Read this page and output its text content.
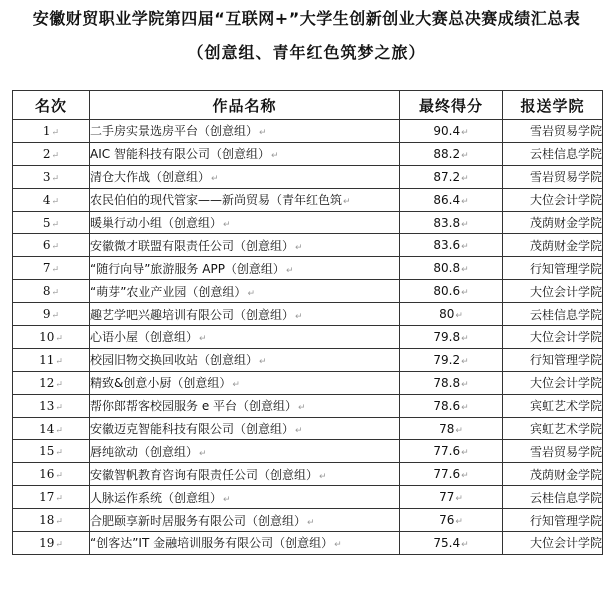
安徽财贸职业学院第四届“互联网+”大学生创新创业大赛总决赛成绩汇总表
（创意组、青年红色筑梦之旅）
名次	作品名称	最终得分	报送学院
1↵	二手房实景选房平台（创意组）↵	90.4↵	雪岩贸易学院
2↵	AIC 智能科技有限公司（创意组）↵	88.2↵	云桂信息学院
3↵	清仓大作战（创意组）↵	87.2↵	雪岩贸易学院
4↵	农民伯伯的现代管家——新尚贸易（青年红色筑↵	86.4↵	大位会计学院
5↵	暖巢行动小组（创意组）↵	83.8↵	茂荫财金学院
6↵	安徽微才联盟有限责任公司（创意组）↵	83.6↵	茂荫财金学院
7↵	“随行向导”旅游服务 APP（创意组）↵	80.8↵	行知管理学院
8↵	“萌芽”农业产业园（创意组）↵	80.6↵	大位会计学院
9↵	趣艺学吧兴趣培训有限公司（创意组）↵	80↵	云桂信息学院
10↵	心语小屋（创意组）↵	79.8↵	大位会计学院
11↵	校园旧物交换回收站（创意组）↵	79.2↵	行知管理学院
12↵	精致&创意小厨（创意组）↵	78.8↵	大位会计学院
13↵	帮你郎帮客校园服务 e 平台（创意组）↵	78.6↵	宾虹艺术学院
14↵	安徽迈克智能科技有限公司（创意组）↵	78↵	宾虹艺术学院
15↵	唇纯欲动（创意组）↵	77.6↵	雪岩贸易学院
16↵	安徽智帆教育咨询有限责任公司（创意组）↵	77.6↵	茂荫财金学院
17↵	人脉运作系统（创意组）↵	77↵	云桂信息学院
18↵	合肥颐享新时居服务有限公司（创意组）↵	76↵	行知管理学院
19↵	“创客达”IT 金融培训服务有限公司（创意组）↵	75.4↵	大位会计学院
